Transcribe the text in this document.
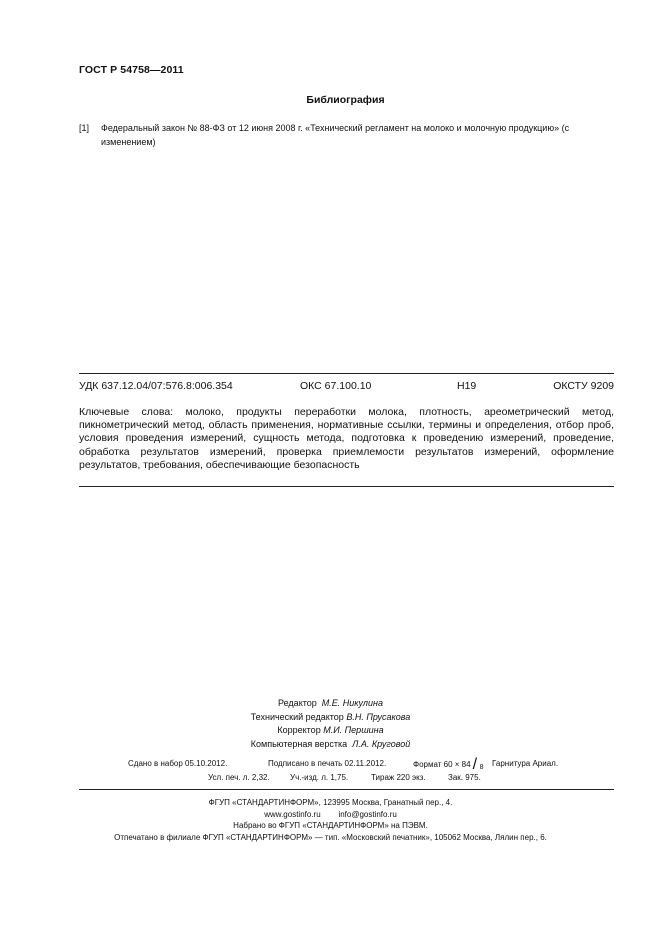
ГОСТ Р 54758—2011
Библиография
[1] Федеральный закон № 88-ФЗ от 12 июня 2008 г. «Технический регламент на молоко и молочную продукцию» (с изменением)
УДК 637.12.04/07:576.8:006.354	ОКС 67.100.10	Н19	ОКСТУ 9209
Ключевые слова: молоко, продукты переработки молока, плотность, ареометрический метод, пикнометрический метод, область применения, нормативные ссылки, термины и определения, отбор проб, условия проведения измерений, сущность метода, подготовка к проведению измерений, проведение, обработка результатов измерений, проверка приемлемости результатов измерений, оформление результатов, требования, обеспечивающие безопасность
Редактор М.Е. Никулина
Технический редактор В.Н. Прусакова
Корректор М.И. Першина
Компьютерная верстка Л.А. Круговой
Сдано в набор 05.10.2012.	Подписано в печать 02.11.2012.	Формат 60 × 84 / 8 Гарнитура Ариал.
Усл. печ. л. 2,32.	Уч.-изд. л. 1,75.	Тираж 220 экз.	Зак. 975.
ФГУП «СТАНДАРТИНФОРМ», 123995 Москва, Гранатный пер., 4.
www.gostinfo.ru info@gostinfo.ru
Набрано во ФГУП «СТАНДАРТИНФОРМ» на ПЭВМ.
Отпечатано в филиале ФГУП «СТАНДАРТИНФОРМ» — тип. «Московский печатник», 105062 Москва, Лялин пер., 6.
